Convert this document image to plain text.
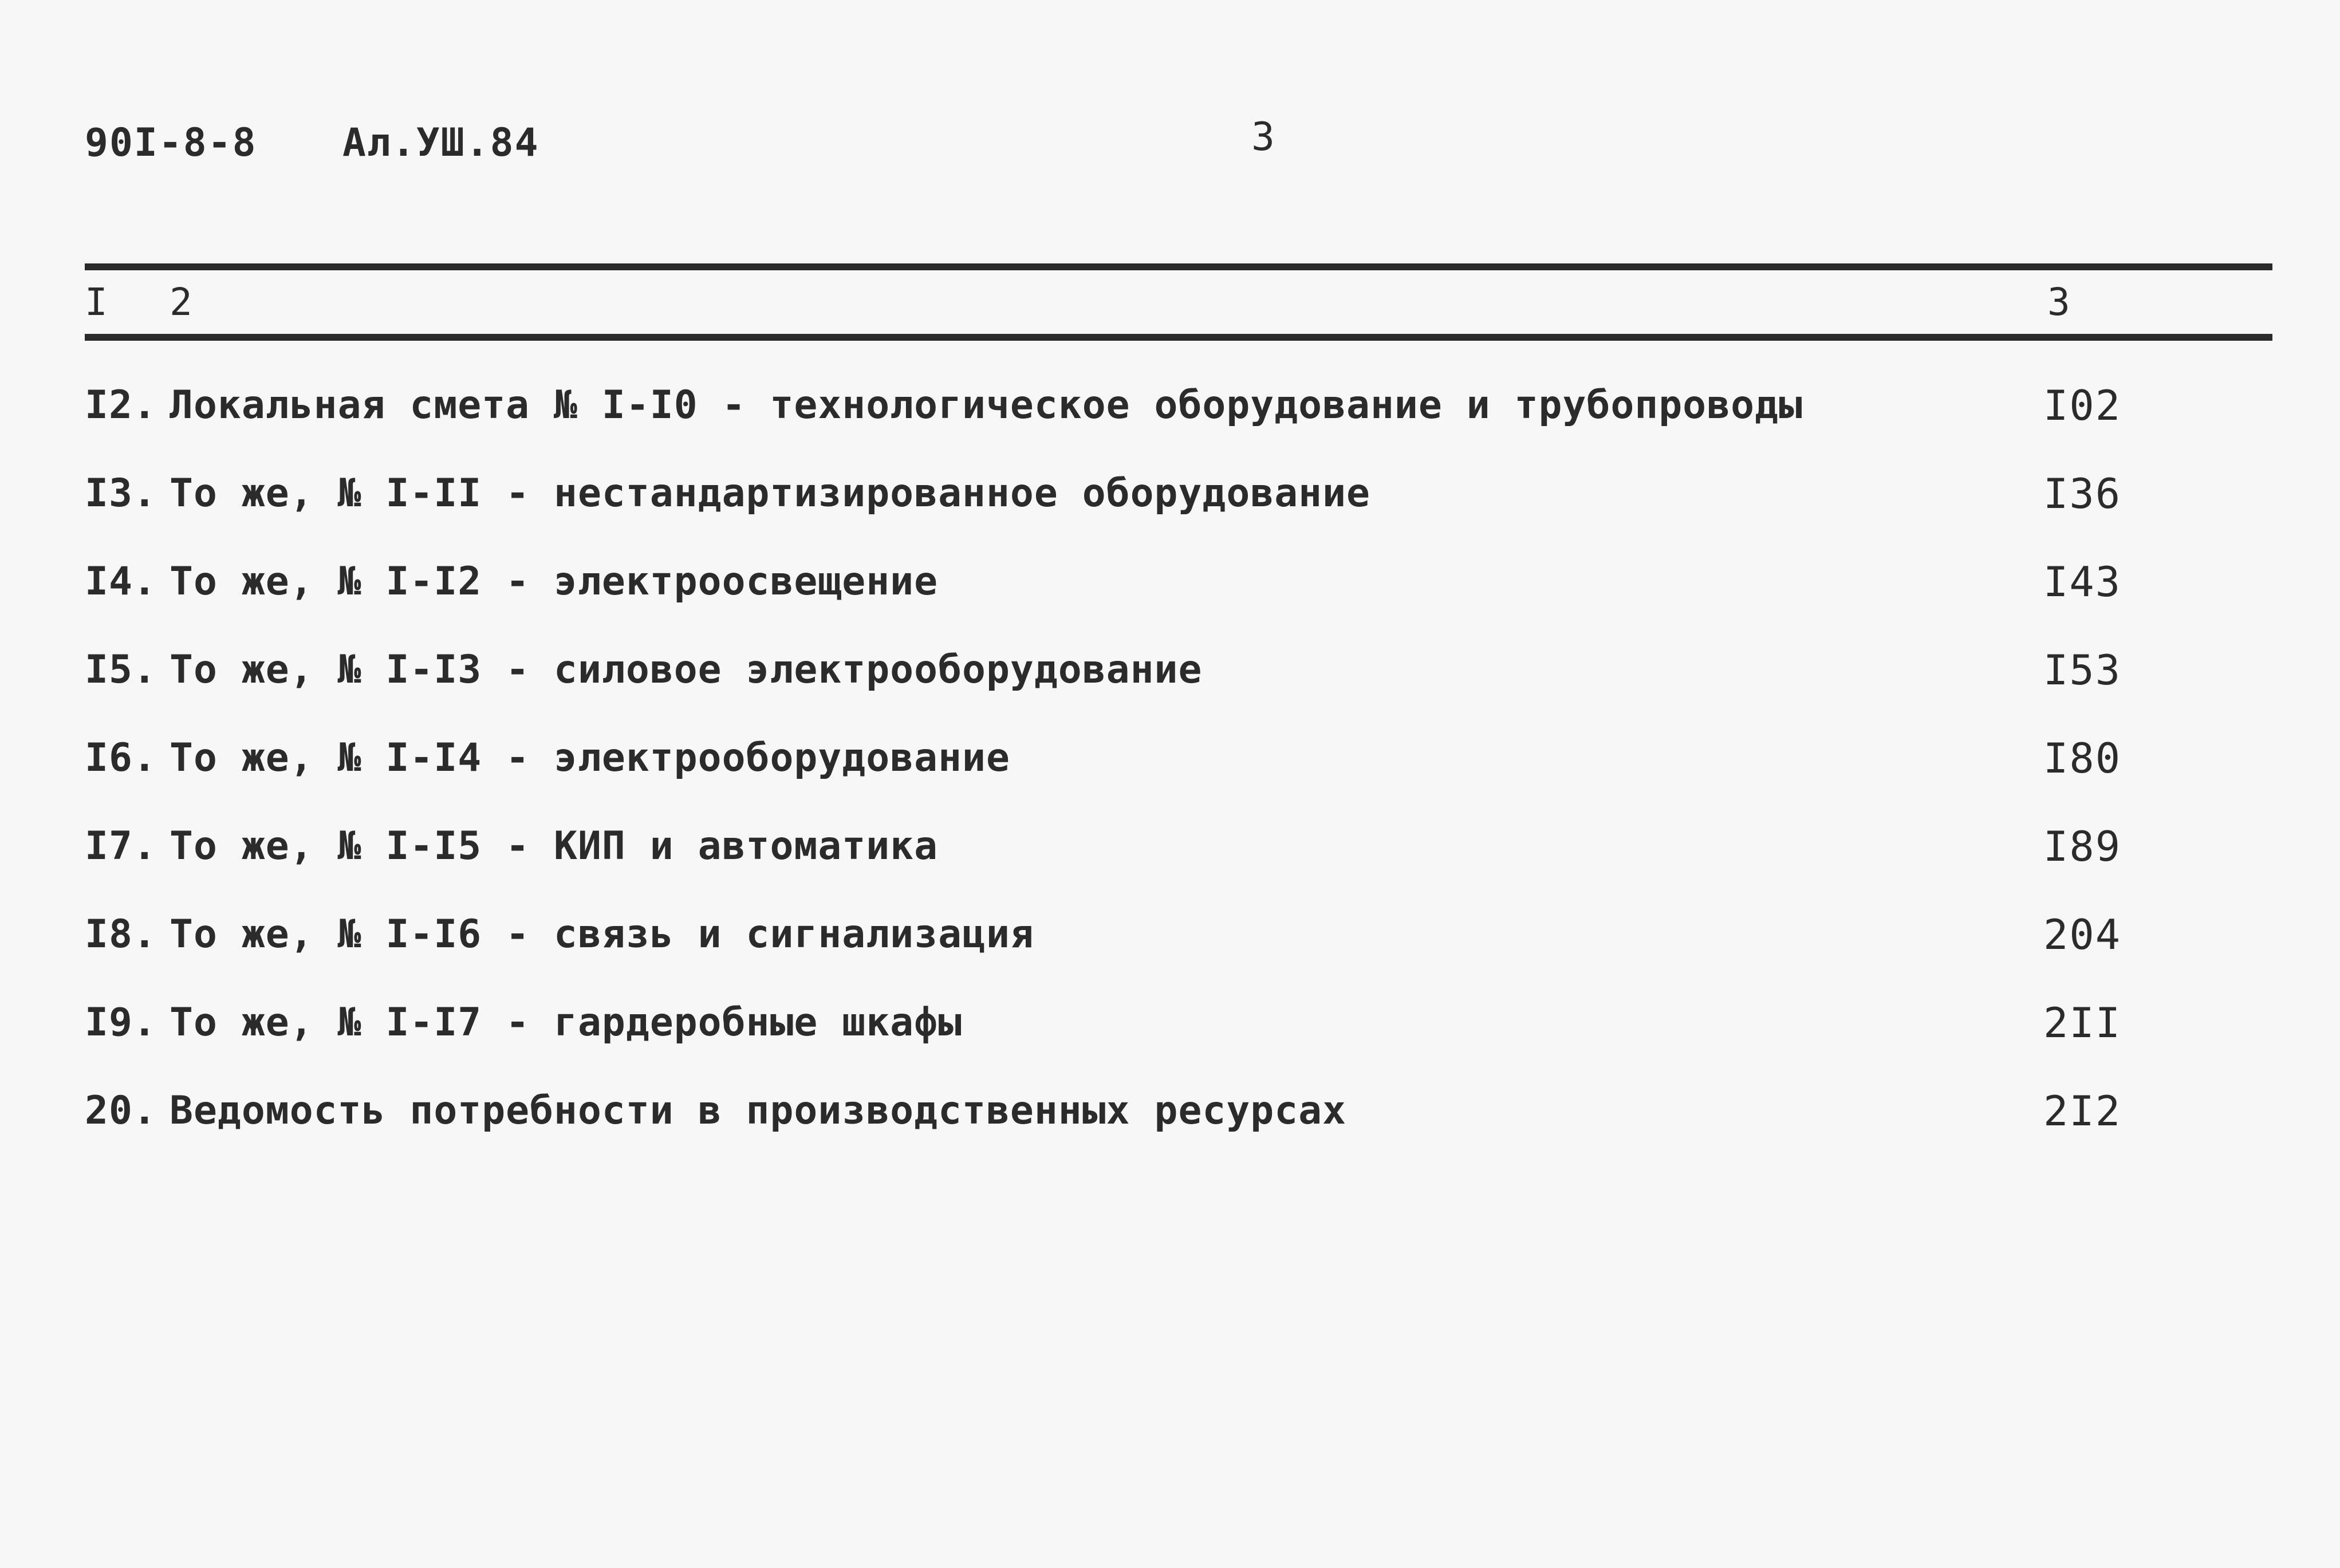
90I-8-8 Ал.УШ.84	3
I 2	3
I2. Локальная смета № I-I0 - технологическое оборудование и трубопроводы	I02
I3. То же, № I-II - нестандартизированное оборудование	I36
I4. То же, № I-I2 - электроосвещение	I43
I5. То же, № I-I3 - силовое электрооборудование	I53
I6. То же, № I-I4 - электрооборудование	I80
I7. То же, № I-I5 - КИП и автоматика	I89
I8. То же, № I-I6 - связь и сигнализация	204
I9. То же, № I-I7 - гардеробные шкафы	2II
20. Ведомость потребности в производственных ресурсах	2I2
